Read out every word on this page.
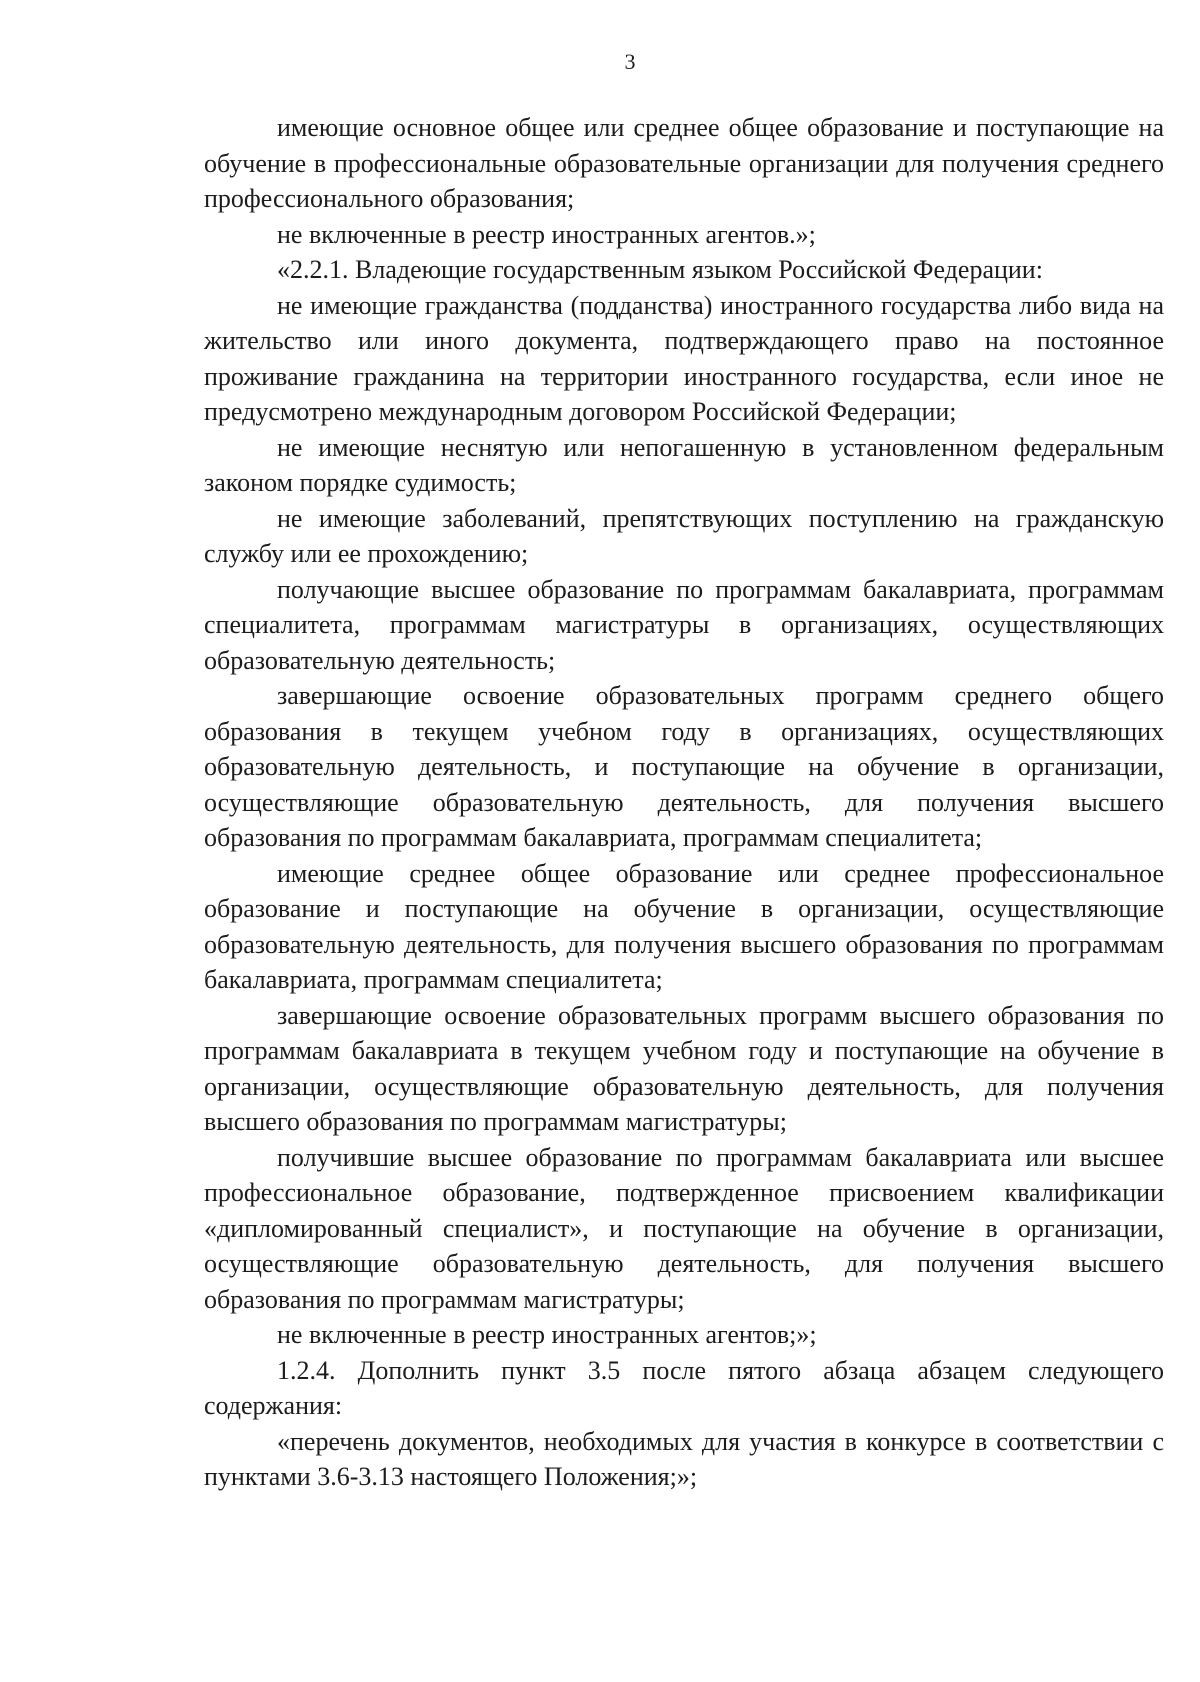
3

имеющие основное общее или среднее общее образование и поступающие на обучение в профессиональные образовательные организации для получения среднего профессионального образования;

не включенные в реестр иностранных агентов.»;

«2.2.1. Владеющие государственным языком Российской Федерации:

не имеющие гражданства (подданства) иностранного государства либо вида на жительство или иного документа, подтверждающего право на постоянное проживание гражданина на территории иностранного государства, если иное не предусмотрено международным договором Российской Федерации;

не имеющие неснятую или непогашенную в установленном федеральным законом порядке судимость;

не имеющие заболеваний, препятствующих поступлению на гражданскую службу или ее прохождению;

получающие высшее образование по программам бакалавриата, программам специалитета, программам магистратуры в организациях, осуществляющих образовательную деятельность;

завершающие освоение образовательных программ среднего общего образования в текущем учебном году в организациях, осуществляющих образовательную деятельность, и поступающие на обучение в организации, осуществляющие образовательную деятельность, для получения высшего образования по программам бакалавриата, программам специалитета;

имеющие среднее общее образование или среднее профессиональное образование и поступающие на обучение в организации, осуществляющие образовательную деятельность, для получения высшего образования по программам бакалавриата, программам специалитета;

завершающие освоение образовательных программ высшего образования по программам бакалавриата в текущем учебном году и поступающие на обучение в организации, осуществляющие образовательную деятельность, для получения высшего образования по программам магистратуры;

получившие высшее образование по программам бакалавриата или высшее профессиональное образование, подтвержденное присвоением квалификации «дипломированный специалист», и поступающие на обучение в организации, осуществляющие образовательную деятельность, для получения высшего образования по программам магистратуры;

не включенные в реестр иностранных агентов;»;

1.2.4. Дополнить пункт 3.5 после пятого абзаца абзацем следующего содержания:

«перечень документов, необходимых для участия в конкурсе в соответствии с пунктами 3.6-3.13 настоящего Положения;»;
